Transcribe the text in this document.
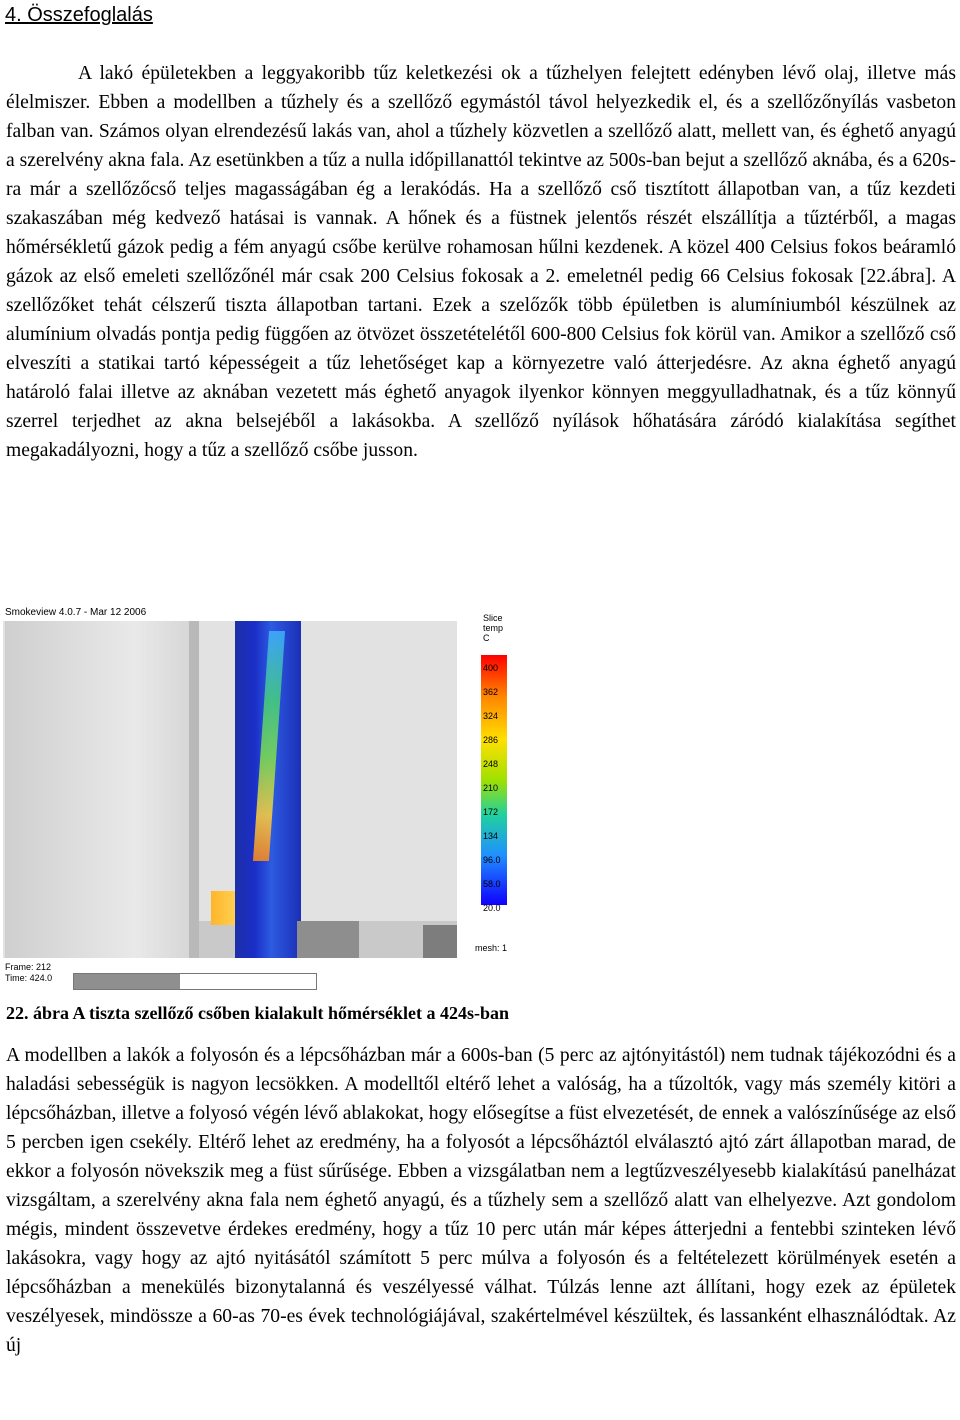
4. Összefoglalás

A lakó épületekben a leggyakoribb tűz keletkezési ok a tűzhelyen felejtett edényben lévő olaj, illetve más élelmiszer. Ebben a modellben a tűzhely és a szellőző egymástól távol helyezkedik el, és a szellőzőnyílás vasbeton falban van. Számos olyan elrendezésű lakás van, ahol a tűzhely közvetlen a szellőző alatt, mellett van, és éghető anyagú a szerelvény akna fala. Az esetünkben a tűz a nulla időpillanattól tekintve az 500s-ban bejut a szellőző aknába, és a 620s-ra már a szellőzőcső teljes magasságában ég a lerakódás. Ha a szellőző cső tisztított állapotban van, a tűz kezdeti szakaszában még kedvező hatásai is vannak. A hőnek és a füstnek jelentős részét elszállítja a tűztérből, a magas hőmérsékletű gázok pedig a fém anyagú csőbe kerülve rohamosan hűlni kezdenek. A közel 400 Celsius fokos beáramló gázok az első emeleti szellőzőnél már csak 200 Celsius fokosak a 2. emeletnél pedig 66 Celsius fokosak [22.ábra]. A szellőzőket tehát célszerű tiszta állapotban tartani. Ezek a szelőzők több épületben is alumíniumból készülnek az alumínium olvadás pontja pedig függően az ötvözet összetételétől 600-800 Celsius fok körül van. Amikor a szellőző cső elveszíti a statikai tartó képességeit a tűz lehetőséget kap a környezetre való átterjedésre. Az akna éghető anyagú határoló falai illetve az aknában vezetett más éghető anyagok ilyenkor könnyen meggyulladhatnak, és a tűz könnyű szerrel terjedhet az akna belsejéből a lakásokba. A szellőző nyílások hőhatására záródó kialakítása segíthet megakadályozni, hogy a tűz a szellőző csőbe jusson.

Smokeview 4.0.7 - Mar 12 2006	Slice
temp
C
400
362
324
286
248
210
172
134
96.0
58.0
20.0
mesh: 1
Frame: 212
Time: 424.0
22. ábra A tiszta szellőző csőben kialakult hőmérséklet a 424s-ban

A modellben a lakók a folyosón és a lépcsőházban már a 600s-ban (5 perc az ajtónyitástól) nem tudnak tájékozódni és a haladási sebességük is nagyon lecsökken. A modelltől eltérő lehet a valóság, ha a tűzoltók, vagy más személy kitöri a lépcsőházban, illetve a folyosó végén lévő ablakokat, hogy elősegítse a füst elvezetését, de ennek a valószínűsége az első 5 percben igen csekély. Eltérő lehet az eredmény, ha a folyosót a lépcsőháztól elválasztó ajtó zárt állapotban marad, de ekkor a folyosón növekszik meg a füst sűrűsége. Ebben a vizsgálatban nem a legtűzveszélyesebb kialakítású panelházat vizsgáltam, a szerelvény akna fala nem éghető anyagú, és a tűzhely sem a szellőző alatt van elhelyezve. Azt gondolom mégis, mindent összevetve érdekes eredmény, hogy a tűz 10 perc után már képes átterjedni a fentebbi szinteken lévő lakásokra, vagy hogy az ajtó nyitásától számított 5 perc múlva a folyosón és a feltételezett körülmények esetén a lépcsőházban a menekülés bizonytalanná és veszélyessé válhat. Túlzás lenne azt állítani, hogy ezek az épületek veszélyesek, mindössze a 60-as 70-es évek technológiájával, szakértelmével készültek, és lassanként elhasználódtak. Az új
